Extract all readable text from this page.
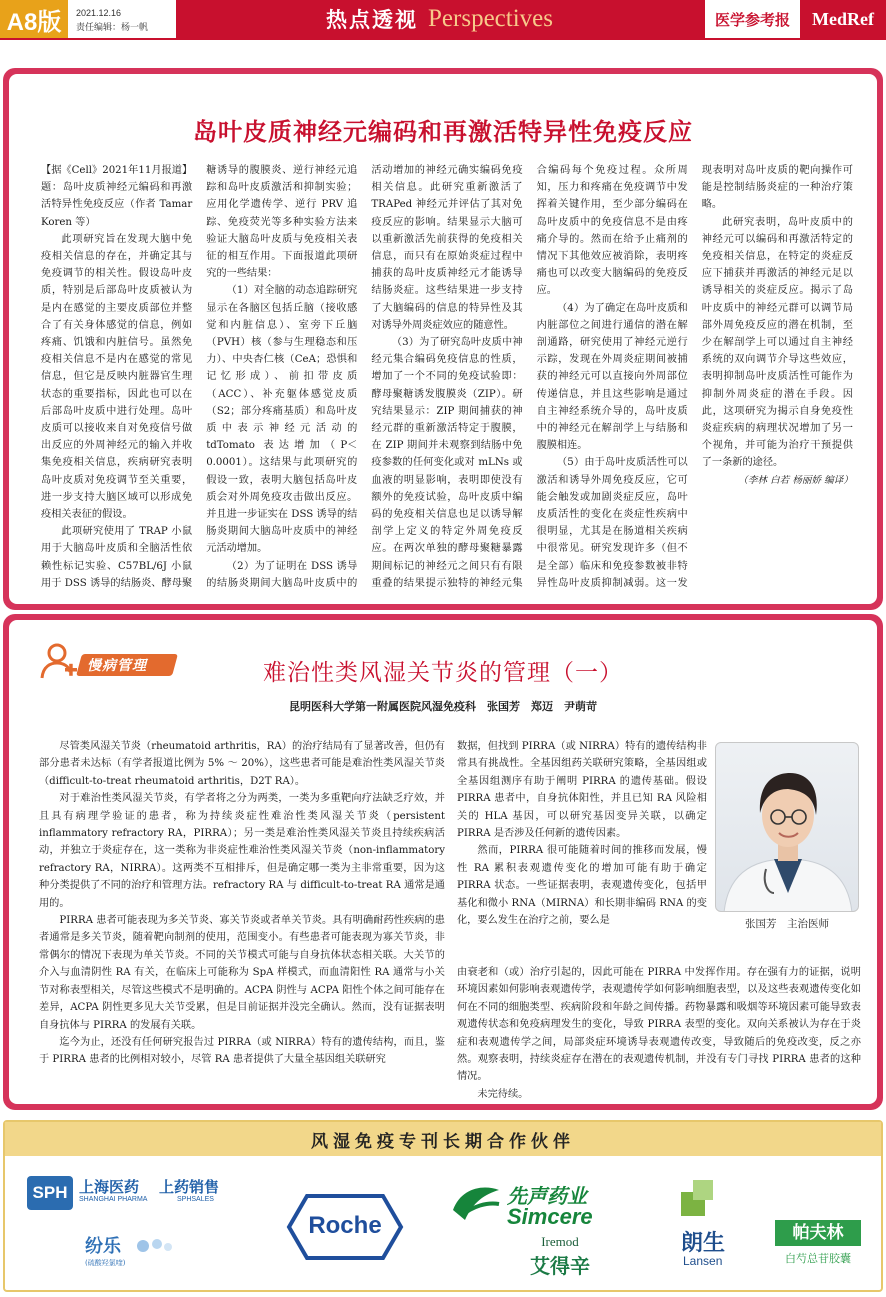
A8版	2021.12.16
责任编辑：杨一帆	热点透视 Perspectives	医学参考报	MedRef
岛叶皮质神经元编码和再激活特异性免疫反应

【据《Cell》2021年11月报道】题：岛叶皮质神经元编码和再激活特异性免疫反应（作者 Tamar Koren 等）

此项研究旨在发现大脑中免疫相关信息的存在，并确定其与免疫调节的相关性。假设岛叶皮质，特别是后部岛叶皮质被认为是内在感觉的主要皮质部位并整合了有关身体感觉的信息，例如疼痛、饥饿和内脏信号。虽然免疫相关信息不是内在感觉的常见信息，但它是反映内脏器官生理状态的重要指标，因此也可以在后部岛叶皮质中进行处理。岛叶皮质可以接收来自对免疫信号做出反应的外周神经元的输入并收集免疫相关信息，疾病研究表明岛叶皮质对免疫调节至关重要，进一步支持大脑区域可以形成免疫相关表征的假设。

此项研究使用了 TRAP 小鼠用于大脑岛叶皮质和全脑活性依赖性标记实验、C57BL/6J 小鼠用于 DSS 诱导的结肠炎、酵母聚糖诱导的腹膜炎、逆行神经元追踪和岛叶皮质激活和抑制实验；应用化学遗传学、逆行 PRV 追踪、免疫荧光等多种实验方法来验证大脑岛叶皮质与免疫相关表征的相互作用。下面报道此项研究的一些结果：

（1）对全脑的动态追踪研究显示在各脑区包括丘脑（接收感觉和内脏信息）、室旁下丘脑（PVH）核（参与生理稳态和压力）、中央杏仁核（CeA；恐惧和记忆形成）、前扣带皮质（ACC）、补充躯体感觉皮质（S2；部分疼痛基质）和岛叶皮质中表示神经元活动的 tdTomato 表达增加（P＜0.0001）。这结果与此项研究的假设一致，表明大脑包括岛叶皮质会对外周免疫攻击做出反应。并且进一步证实在 DSS 诱导的结肠炎期间大脑岛叶皮质中的神经元活动增加。

（2）为了证明在 DSS 诱导的结肠炎期间大脑岛叶皮质中的活动增加的神经元确实编码免疫相关信息。此研究重新激活了 TRAPed 神经元并评估了其对免疫反应的影响。结果显示大脑可以重新激活先前获得的免疫相关信息，而只有在原始炎症过程中捕获的岛叶皮质神经元才能诱导结肠炎症。这些结果进一步支持了大脑编码的信息的特异性及其对诱导外周炎症效应的随意性。

（3）为了研究岛叶皮质中神经元集合编码免疫信息的性质，增加了一个不同的免疫试验即：酵母聚糖诱发腹膜炎（ZIP）。研究结果显示：ZIP 期间捕获的神经元群的重新激活特定于腹膜，在 ZIP 期间并未观察到结肠中免疫参数的任何变化或对 mLNs 或血液的明显影响，表明即使没有额外的免疫试验，岛叶皮质中编码的免疫相关信息也足以诱导解剖学上定义的特定外周免疫反应。在两次单独的酵母聚糖暴露期间标记的神经元之间只有有限重叠的结果提示独特的神经元集合编码每个免疫过程。众所周知，压力和疼痛在免疫调节中发挥着关键作用，至少部分编码在岛叶皮质中的免疫信息不是由疼痛介导的。然而在给予止痛剂的情况下其他效应被消除，表明疼痛也可以改变大脑编码的免疫反应。

（4）为了确定在岛叶皮质和内脏部位之间进行通信的潜在解剖通路，研究使用了神经元逆行示踪，发现在外周炎症期间被捕获的神经元可以直接向外周部位传递信息，并且这些影响是通过自主神经系统介导的，岛叶皮质中的神经元在解剖学上与结肠和腹膜相连。

（5）由于岛叶皮质活性可以激活和诱导外周免疫反应，它可能会触发或加剧炎症反应，岛叶皮质活性的变化在炎症性疾病中很明显，尤其是在肠道相关疾病中很常见。研究发现许多（但不是全部）临床和免疫参数被非特异性岛叶皮质抑制减弱。这一发现表明对岛叶皮质的靶向操作可能是控制结肠炎症的一种治疗策略。

此研究表明，岛叶皮质中的神经元可以编码和再激活特定的免疫相关信息，在特定的炎症反应下捕获并再激活的神经元足以诱导相关的炎症反应。揭示了岛叶皮质中的神经元群可以调节局部外周免疫反应的潜在机制，至少在解剖学上可以通过自主神经系统的双向调节介导这些效应，表明抑制岛叶皮质活性可能作为抑制外周炎症的潜在手段。因此，这项研究为揭示自身免疫性炎症疾病的病理状况增加了另一个视角，并可能为治疗干预提供了一条新的途径。

（李林 白若 杨丽娇 编译）

慢病管理	难治性类风湿关节炎的管理（一）
昆明医科大学第一附属医院风湿免疫科　张国芳　郑迈　尹萌苛

尽管类风湿关节炎（rheumatoid arthritis，RA）的治疗结局有了显著改善，但仍有部分患者未达标（有学者报道比例为 5% ～ 20%），这些患者可能是难治性类风湿关节炎（difficult-to-treat rheumatoid arthritis，D2T RA）。

对于难治性类风湿关节炎，有学者将之分为两类，一类为多重靶向疗法缺乏疗效，并且具有病理学验证的患者，称为持续炎症性难治性类风湿关节炎（persistent inflammatory refractory RA，PIRRA）；另一类是难治性类风湿关节炎且持续疾病活动，并独立于炎症存在，这一类称为非炎症性难治性类风湿关节炎（non-inflammatory refractory RA，NIRRA）。这两类不互相排斥，但是确定哪一类为主非常重要，因为这种分类提供了不同的治疗和管理方法。refractory RA 与 difficult-to-treat RA 通常是通用的。

PIRRA 患者可能表现为多关节炎、寡关节炎或者单关节炎。具有明确耐药性疾病的患者通常是多关节炎，随着靶向制剂的使用，范围变小。有些患者可能表现为寡关节炎，非常偶尔的情况下表现为单关节炎。不同的关节模式可能与自身抗体状态相关联。大关节的介入与血清阴性 RA 有关，在临床上可能称为 SpA 样模式，而血清阳性 RA 通常与小关节对称表型相关，尽管这些模式不是明确的。ACPA 阴性与 ACPA 阳性个体之间可能存在差异，ACPA 阴性更多见大关节受累，但是目前证据并没完全确认。然而，没有证据表明自身抗体与 PIRRA 的发展有关联。

迄今为止，还没有任何研究报告过 PIRRA（或 NIRRA）特有的遗传结构，而且，鉴于 PIRRA 患者的比例相对较小，尽管 RA 患者提供了大量全基因组关联研究

数据，但找到 PIRRA（或 NIRRA）特有的遗传结构非常具有挑战性。全基因组药关联研究策略，全基因组或全基因组测序有助于阐明 PIRRA 的遗传基础。假设 PIRRA 患者中，自身抗体阳性，并且已知 RA 风险相关的 HLA 基因，可以研究基因变异关联，以确定 PIRRA 是否涉及任何新的遗传因素。

然而，PIRRA 很可能随着时间的推移而发展，慢性 RA 累积表观遗传变化的增加可能有助于确定 PIRRA 状态。一些证据表明，表观遗传变化，包括甲基化和微小 RNA（MIRNA）和长期非编码 RNA 的变化，要么发生在治疗之前，要么是

由衰老和（或）治疗引起的，因此可能在 PIRRA 中发挥作用。存在强有力的证据，说明环境因素如何影响表观遗传学，表观遗传学如何影响细胞表型，以及这些表观遗传变化如何在不同的细胞类型、疾病阶段和年龄之间传播。药物暴露和吸烟等环境因素可能导致表观遗传状态和免疫病理发生的变化，导致 PIRRA 表型的变化。双向关系被认为存在于炎症和表观遗传学之间，局部炎症环境诱导表观遗传改变，导致随后的免疫改变，反之亦然。观察表明，持续炎症存在潜在的表观遗传机制，并没有专门寻找 PIRRA 患者的这种情况。

未完待续。

张国芳　主治医师
风湿免疫专刊长期合作伙伴
SPH 上海医药
SHANGHAI PHARMA
上药销售
SPHSALES
纷乐
(硫酸羟氯喹)
Roche
先声药业
Simcere
Iremod
艾得辛
朗生
Lansen
帕夫林
白芍总苷胶囊
